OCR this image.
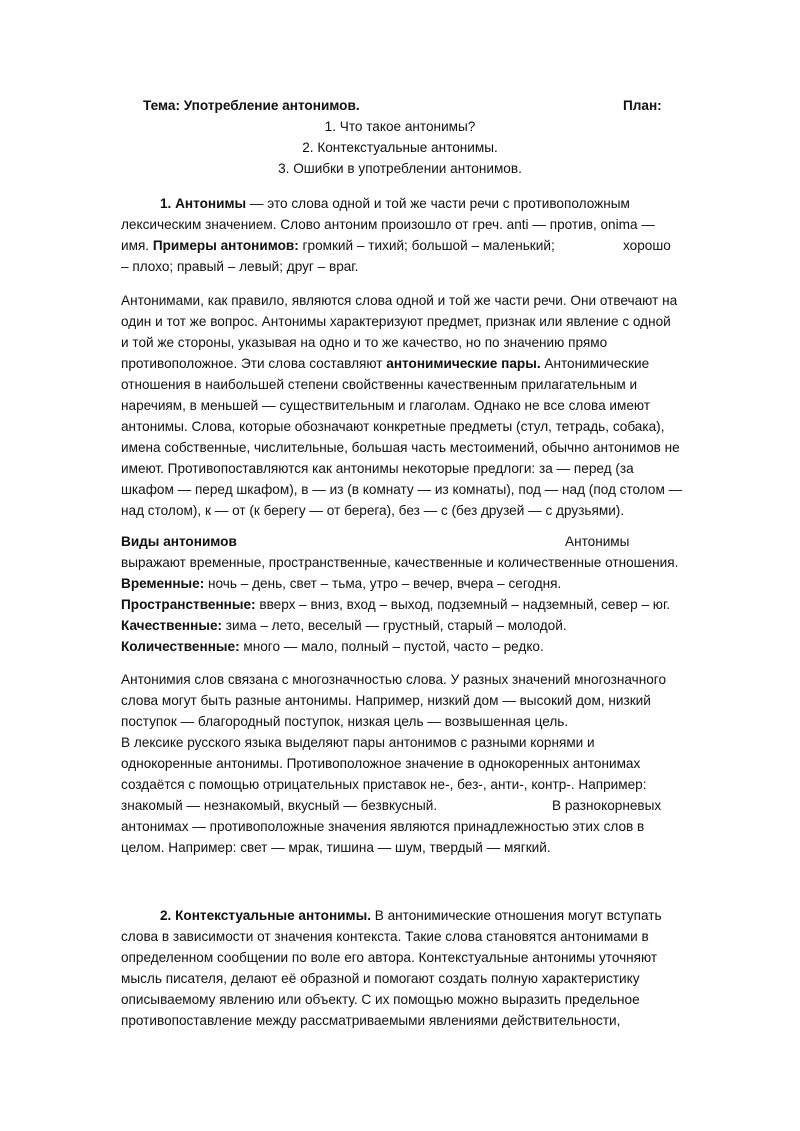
Тема: Употребление антонимов.	План:
1. Что такое антонимы?
2. Контекстуальные антонимы.
3. Ошибки в употреблении антонимов.
1. Антонимы — это слова одной и той же части речи с противоположным
лексическим значением. Слово антоним произошло от греч. anti — против, onima —
имя. Примеры антонимов: громкий – тихий; большой – маленький;	хорошо
– плохо; правый – левый; друг – враг.
Антонимами, как правило, являются слова одной и той же части речи. Они отвечают на
один и тот же вопрос. Антонимы характеризуют предмет, признак или явление с одной
и той же стороны, указывая на одно и то же качество, но по значению прямо
противоположное. Эти слова составляют антонимические пары. Антонимические
отношения в наибольшей степени свойственны качественным прилагательным и
наречиям, в меньшей — существительным и глаголам. Однако не все слова имеют
антонимы. Слова, которые обозначают конкретные предметы (стул, тетрадь, собака),
имена собственные, числительные, большая часть местоимений, обычно антонимов не
имеют. Противопоставляются как антонимы некоторые предлоги: за — перед (за
шкафом — перед шкафом), в — из (в комнату — из комнаты), под — над (под столом —
над столом), к — от (к берегу — от берега), без — с (без друзей — с друзьями).
Виды антонимов	Антонимы
выражают временные, пространственные, качественные и количественные отношения.
Временные: ночь – день, свет – тьма, утро – вечер, вчера – сегодня.
Пространственные: вверх – вниз, вход – выход, подземный – надземный, север – юг.
Качественные: зима – лето, веселый — грустный, старый – молодой.
Количественные: много — мало, полный – пустой, часто – редко.
Антонимия слов связана с многозначностью слова. У разных значений многозначного
слова могут быть разные антонимы. Например, низкий дом — высокий дом, низкий
поступок — благородный поступок, низкая цель — возвышенная цель.
В лексике русского языка выделяют пары антонимов с разными корнями и
однокоренные антонимы. Противоположное значение в однокоренных антонимах
создаётся с помощью отрицательных приставок не-, без-, анти-, контр-. Например:
знакомый — незнакомый, вкусный — безвкусный.	В разнокорневых
антонимах — противоположные значения являются принадлежностью этих слов в
целом. Например: свет — мрак, тишина — шум, твердый — мягкий.
2. Контекстуальные антонимы. В антонимические отношения могут вступать
слова в зависимости от значения контекста. Такие слова становятся антонимами в
определенном сообщении по воле его автора. Контекстуальные антонимы уточняют
мысль писателя, делают её образной и помогают создать полную характеристику
описываемому явлению или объекту. С их помощью можно выразить предельное
противопоставление между рассматриваемыми явлениями действительности,
